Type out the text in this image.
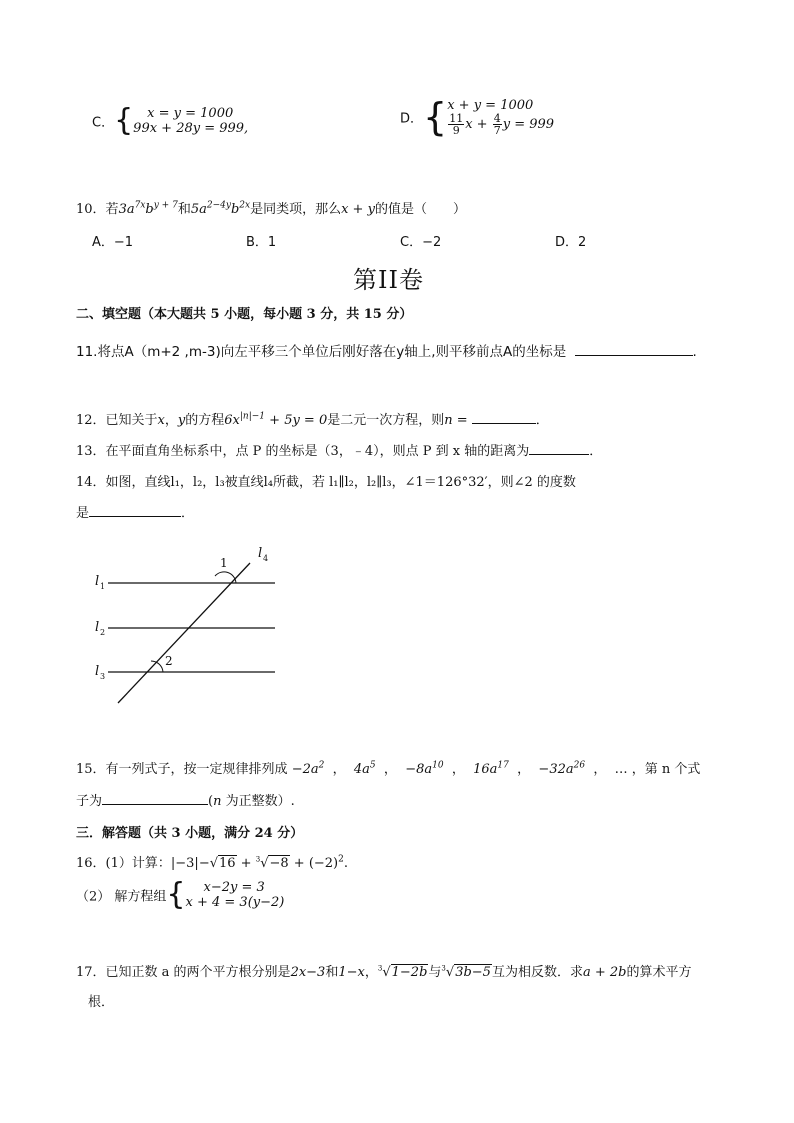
C．{	x = y = 1000
99x + 28y = 999,
D．{ x + y = 1000
$\frac{11}{9}$ $x + \frac{4}{7}$ y = 999
10．若$3a^{7x}b^{y + 7}$和$5a^{2-4y}b^{2x}$是同类项，那么x + y的值是（　　）
A．−1	B．1	C．−2	D．2
第II卷
二、填空题（本大题共 5 小题，每小题 3 分，共 15 分）
11.将点A（m+2 ,m-3)向左平移三个单位后刚好落在y轴上,则平移前点A的坐标是	.
12．已知关于x，y的方程$6x^{|n|-1} + 5y = 0$是二元一次方程，则n =	．
13．在平面直角坐标系中，点 P 的坐标是（3，﹣4），则点 P 到 x 轴的距离为	．
14．如图，直线l₁，l₂，l₃被直线l₄所截，若 l₁∥l₂，l₂∥l₃，∠1＝126°32′，则∠2 的度数
是	．
l 1
l 2
l 3
l 4
1
2
15．有一列式子，按一定规律排列成 $-2a^2$ ，  $4a^5$ ，  $-8a^{10}$ ，  $16a^{17}$ ，  $-32a^{26}$ ， … ，第 n 个式
子为	(n 为正整数）.
三．解答题（共 3 小题，满分 24 分）
16．(1）计算：$|-3|-√16 + ^3√-8 + (-2)^2$.
（2） 解方程组{	x−2y = 3
x + 4 = 3(y−2)
17．已知正数 a 的两个平方根分别是2x−3和1−x，$^3$√1−2b与$^3$√3b−5互为相反数．求a + 2b的算术平方
根．
